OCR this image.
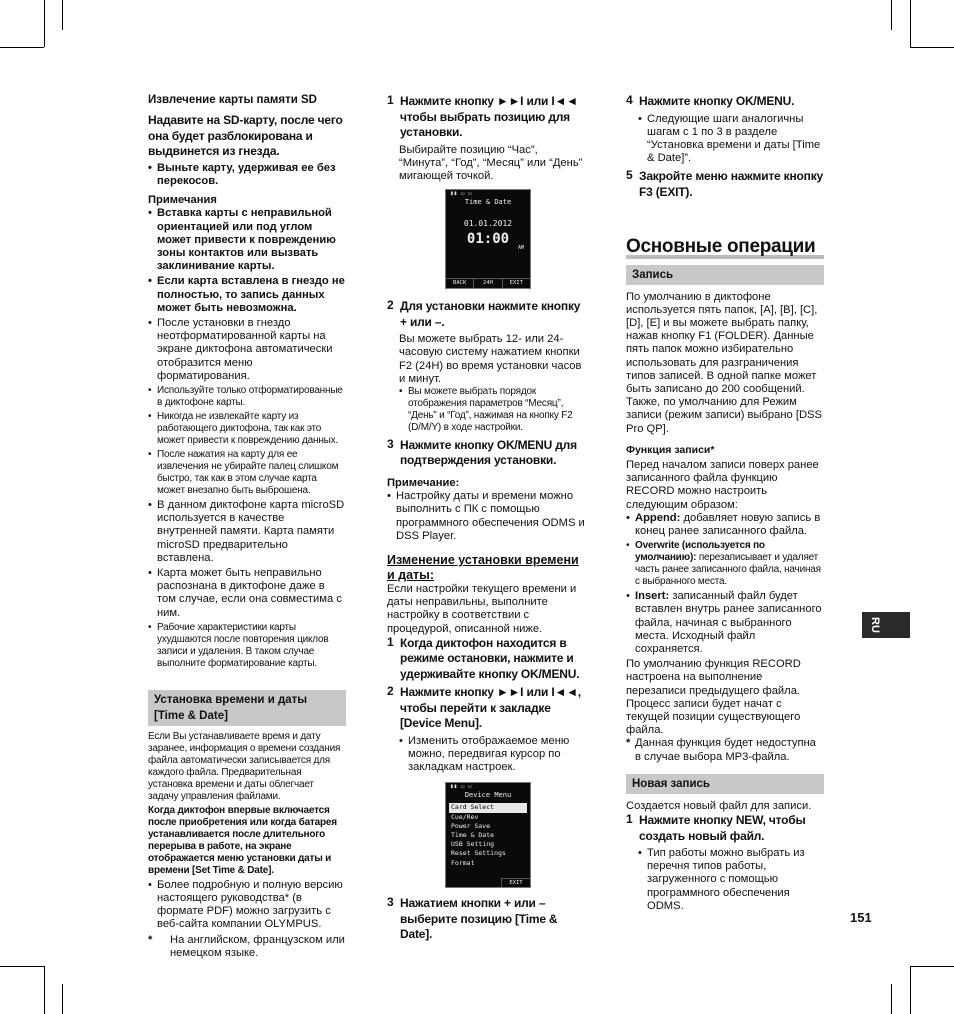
Извлечение карты памяти SD

Надавите на SD-карту, после чего она будет разблокирована и выдвинется из гнезда.

• Выньте карту, удерживая ее без перекосов.

Примечания

• Вставка карты с неправильной ориентацией или под углом может привести к повреждению зоны контактов или вызвать заклинивание карты.
• Если карта вставлена в гнездо не полностью, то запись данных может быть невозможна.
• После установки в гнездо неотформатированной карты на экране диктофона автоматически отобразится меню форматирования.
• Используйте только отформатированные в диктофоне карты.
• Никогда не извлекайте карту из работающего диктофона, так как это может привести к повреждению данных.
• После нажатия на карту для ее извлечения не убирайте палец слишком быстро, так как в этом случае карта может внезапно быть выброшена.
• В данном диктофоне карта microSD используется в качестве внутренней памяти. Карта памяти microSD предварительно вставлена.
• Карта может быть неправильно распознана в диктофоне даже в том случае, если она совместима с ним.
• Рабочие характеристики карты ухудшаются после повторения циклов записи и удаления. В таком случае выполните форматирование карты.
Установка времени и даты
[Time & Date]

Если Вы устанавливаете время и дату заранее, информация о времени создания файла автоматически записывается для каждого файла. Предварительная установка времени и даты облегчает задачу управления файлами.

Когда диктофон впервые включается после приобретения или когда батарея устанавливается после длительного перерыва в работе, на экране отображается меню установки даты и времени [Set Time & Date].

• Более подробную и полную версию настоящего руководства* (в формате PDF) можно загрузить с веб-сайта компании OLYMPUS.
* На английском, французском или немецком языке.
1 Нажмите кнопку ►►I или I◄◄ чтобы выбрать позицию для установки.

Выбирайте позицию “Час”, “Минута”, “Год”, “Месяц” или “День” мигающей точкой.

▮▮ ▭ ▭
Time & Date
01.01.2012
01:00
AM
BACK	24H	EXIT
2 Для установки нажмите кнопку + или –.

Вы можете выбрать 12- или 24-часовую систему нажатием кнопки F2 (24H) во время установки часов и минут.

• Вы можете выбрать порядок отображения параметров “Месяц”, “День” и “Год”, нажимая на кнопку F2 (D/M/Y) в ходе настройки.
3 Нажмите кнопку OK/MENU для подтверждения установки.

Примечание:

• Настройку даты и времени можно выполнить с ПК с помощью программного обеспечения ODMS и DSS Player.

Изменение установки времени и даты:

Если настройки текущего времени и даты неправильны, выполните настройку в соответствии с процедурой, описанной ниже.

1 Когда диктофон находится в режиме остановки, нажмите и удерживайте кнопку OK/MENU.
2 Нажмите кнопку ►►I или I◄◄, чтобы перейти к закладке [Device Menu].
• Изменить отображаемое меню можно, передвигая курсор по закладкам настроек.
▮▮ ▭ ▭
Device Menu
Card Select
Cue/Rev
Power Save
Time & Date
USB Setting
Reset Settings
Format
EXIT
3 Нажатием кнопки + или – выберите позицию [Time & Date].
4 Нажмите кнопку OK/MENU.
• Следующие шаги аналогичны шагам с 1 по 3 в разделе “Установка времени и даты [Time & Date]”.
5 Закройте меню нажмите кнопку F3 (EXIT).
Основные операции
Запись

По умолчанию в диктофоне используется пять папок, [A], [B], [C], [D], [E] и вы можете выбрать папку, нажав кнопку F1 (FOLDER). Данные пять папок можно избирательно использовать для разграничения типов записей. В одной папке может быть записано до 200 сообщений. Также, по умолчанию для Режим записи (режим записи) выбрано [DSS Pro QP].

Функция записи*

Перед началом записи поверх ранее записанного файла функцию RECORD можно настроить следующим образом:

• Append: добавляет новую запись в конец ранее записанного файла.
• Overwrite (используется по умолчанию): перезаписывает и удаляет часть ранее записанного файла, начиная с выбранного места.
• Insert: записанный файл будет вставлен внутрь ранее записанного файла, начиная с выбранного места. Исходный файл сохраняется.

По умолчанию функция RECORD настроена на выполнение перезаписи предыдущего файла. Процесс записи будет начат с текущей позиции существующего файла.

* Данная функция будет недоступна в случае выбора MP3-файла.
Новая запись

Создается новый файл для записи.

1 Нажмите кнопку NEW, чтобы создать новый файл.
• Тип работы можно выбрать из перечня типов работы, загруженного с помощью программного обеспечения ODMS.
RU
151
